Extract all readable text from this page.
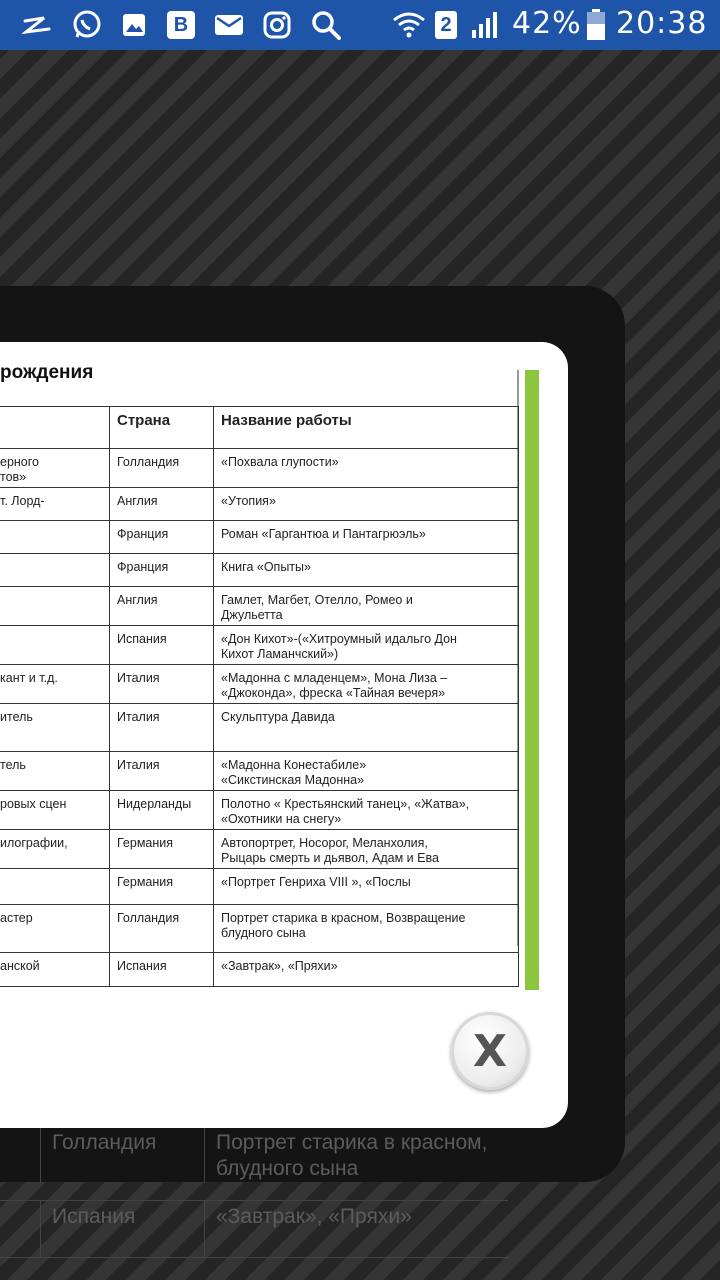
B	2 42% 20:38
Голландия	Портрет старика в красном,
блудного сына
Испания	«Завтрак», «Пряхи»
рождения
	Страна	Название работы

ерного
тов»	Голландия	«Похвала глупости»

т. Лорд-	Англия	«Утопия»

	Франция	Роман «Гаргантюа и Пантагрюэль»

	Франция	Книга «Опыты»

	Англия	Гамлет, Магбет, Отелло, Ромео и
Джульетта

	Испания	«Дон Кихот»-(«Хитроумный идальго Дон
Кихот Ламанчский»)

кант и т.д.	Италия	«Мадонна с младенцем», Мона Лиза –
«Джоконда», фреска «Тайная вечеря»

итель	Италия	Скульптура Давида

тель	Италия	«Мадонна Конестабиле»
«Сикстинская Мадонна»

ровых сцен	Нидерланды	Полотно « Крестьянский танец», «Жатва»,
«Охотники на снегу»

илографии,	Германия	Автопортрет, Носорог, Меланхолия,
Рыцарь смерть и дьявол, Адам и Ева

	Германия	«Портрет Генриха VIII », «Послы

астер	Голландия	Портрет старика в красном, Возвращение
блудного сына

анской	Испания	«Завтрак», «Пряхи»
X
